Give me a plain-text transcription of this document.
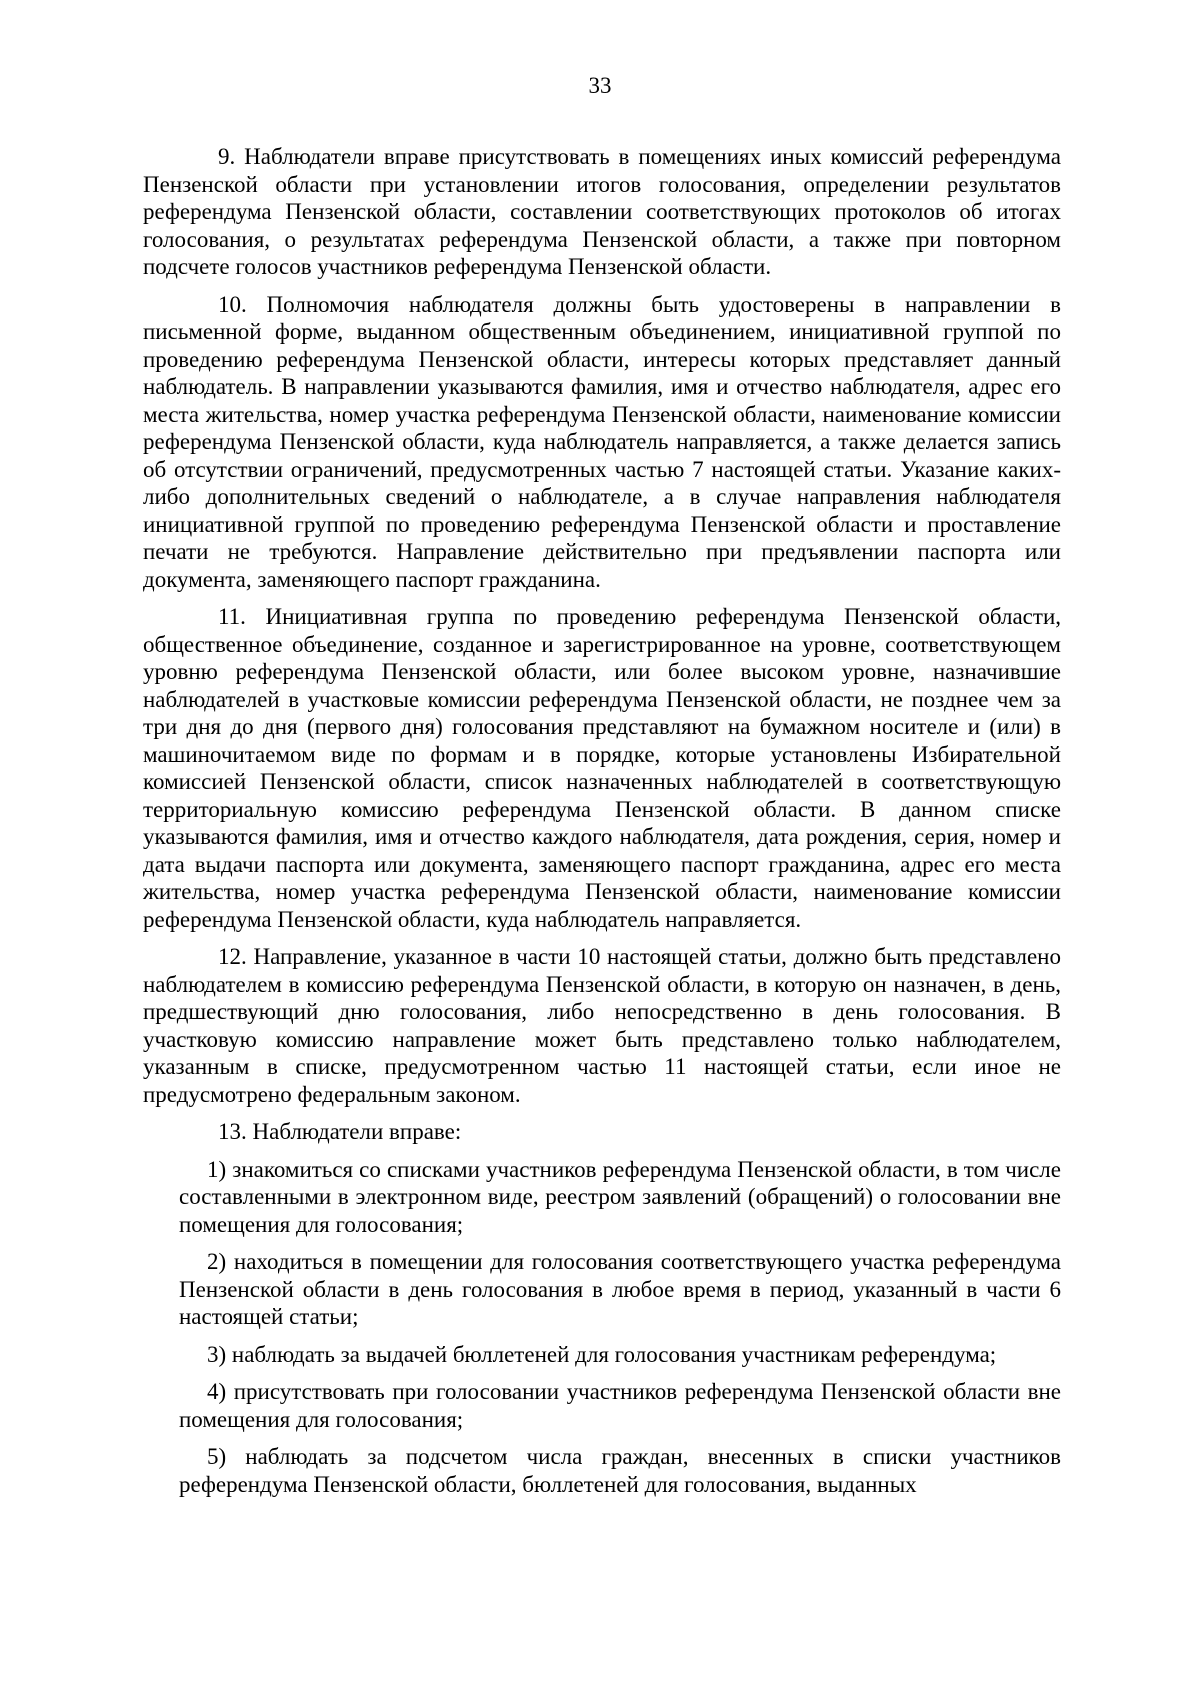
33

9. Наблюдатели вправе присутствовать в помещениях иных комиссий референдума Пензенской области при установлении итогов голосования, определении результатов референдума Пензенской области, составлении соответствующих протоколов об итогах голосования, о результатах референдума Пензенской области, а также при повторном подсчете голосов участников референдума Пензенской области.

10. Полномочия наблюдателя должны быть удостоверены в направлении в письменной форме, выданном общественным объединением, инициативной группой по проведению референдума Пензенской области, интересы которых представляет данный наблюдатель. В направлении указываются фамилия, имя и отчество наблюдателя, адрес его места жительства, номер участка референдума Пензенской области, наименование комиссии референдума Пензенской области, куда наблюдатель направляется, а также делается запись об отсутствии ограничений, предусмотренных частью 7 настоящей статьи. Указание каких-либо дополнительных сведений о наблюдателе, а в случае направления наблюдателя инициативной группой по проведению референдума Пензенской области и проставление печати не требуются. Направление действительно при предъявлении паспорта или документа, заменяющего паспорт гражданина.

11. Инициативная группа по проведению референдума Пензенской области, общественное объединение, созданное и зарегистрированное на уровне, соответствующем уровню референдума Пензенской области, или более высоком уровне, назначившие наблюдателей в участковые комиссии референдума Пензенской области, не позднее чем за три дня до дня (первого дня) голосования представляют на бумажном носителе и (или) в машиночитаемом виде по формам и в порядке, которые установлены Избирательной комиссией Пензенской области, список назначенных наблюдателей в соответствующую территориальную комиссию референдума Пензенской области. В данном списке указываются фамилия, имя и отчество каждого наблюдателя, дата рождения, серия, номер и дата выдачи паспорта или документа, заменяющего паспорт гражданина, адрес его места жительства, номер участка референдума Пензенской области, наименование комиссии референдума Пензенской области, куда наблюдатель направляется.

12. Направление, указанное в части 10 настоящей статьи, должно быть представлено наблюдателем в комиссию референдума Пензенской области, в которую он назначен, в день, предшествующий дню голосования, либо непосредственно в день голосования. В участковую комиссию направление может быть представлено только наблюдателем, указанным в списке, предусмотренном частью 11 настоящей статьи, если иное не предусмотрено федеральным законом.

13. Наблюдатели вправе:

1) знакомиться со списками участников референдума Пензенской области, в том числе составленными в электронном виде, реестром заявлений (обращений) о голосовании вне помещения для голосования;

2) находиться в помещении для голосования соответствующего участка референдума Пензенской области в день голосования в любое время в период, указанный в части 6 настоящей статьи;

3) наблюдать за выдачей бюллетеней для голосования участникам референдума;

4) присутствовать при голосовании участников референдума Пензенской области вне помещения для голосования;

5) наблюдать за подсчетом числа граждан, внесенных в списки участников референдума Пензенской области, бюллетеней для голосования, выданных
